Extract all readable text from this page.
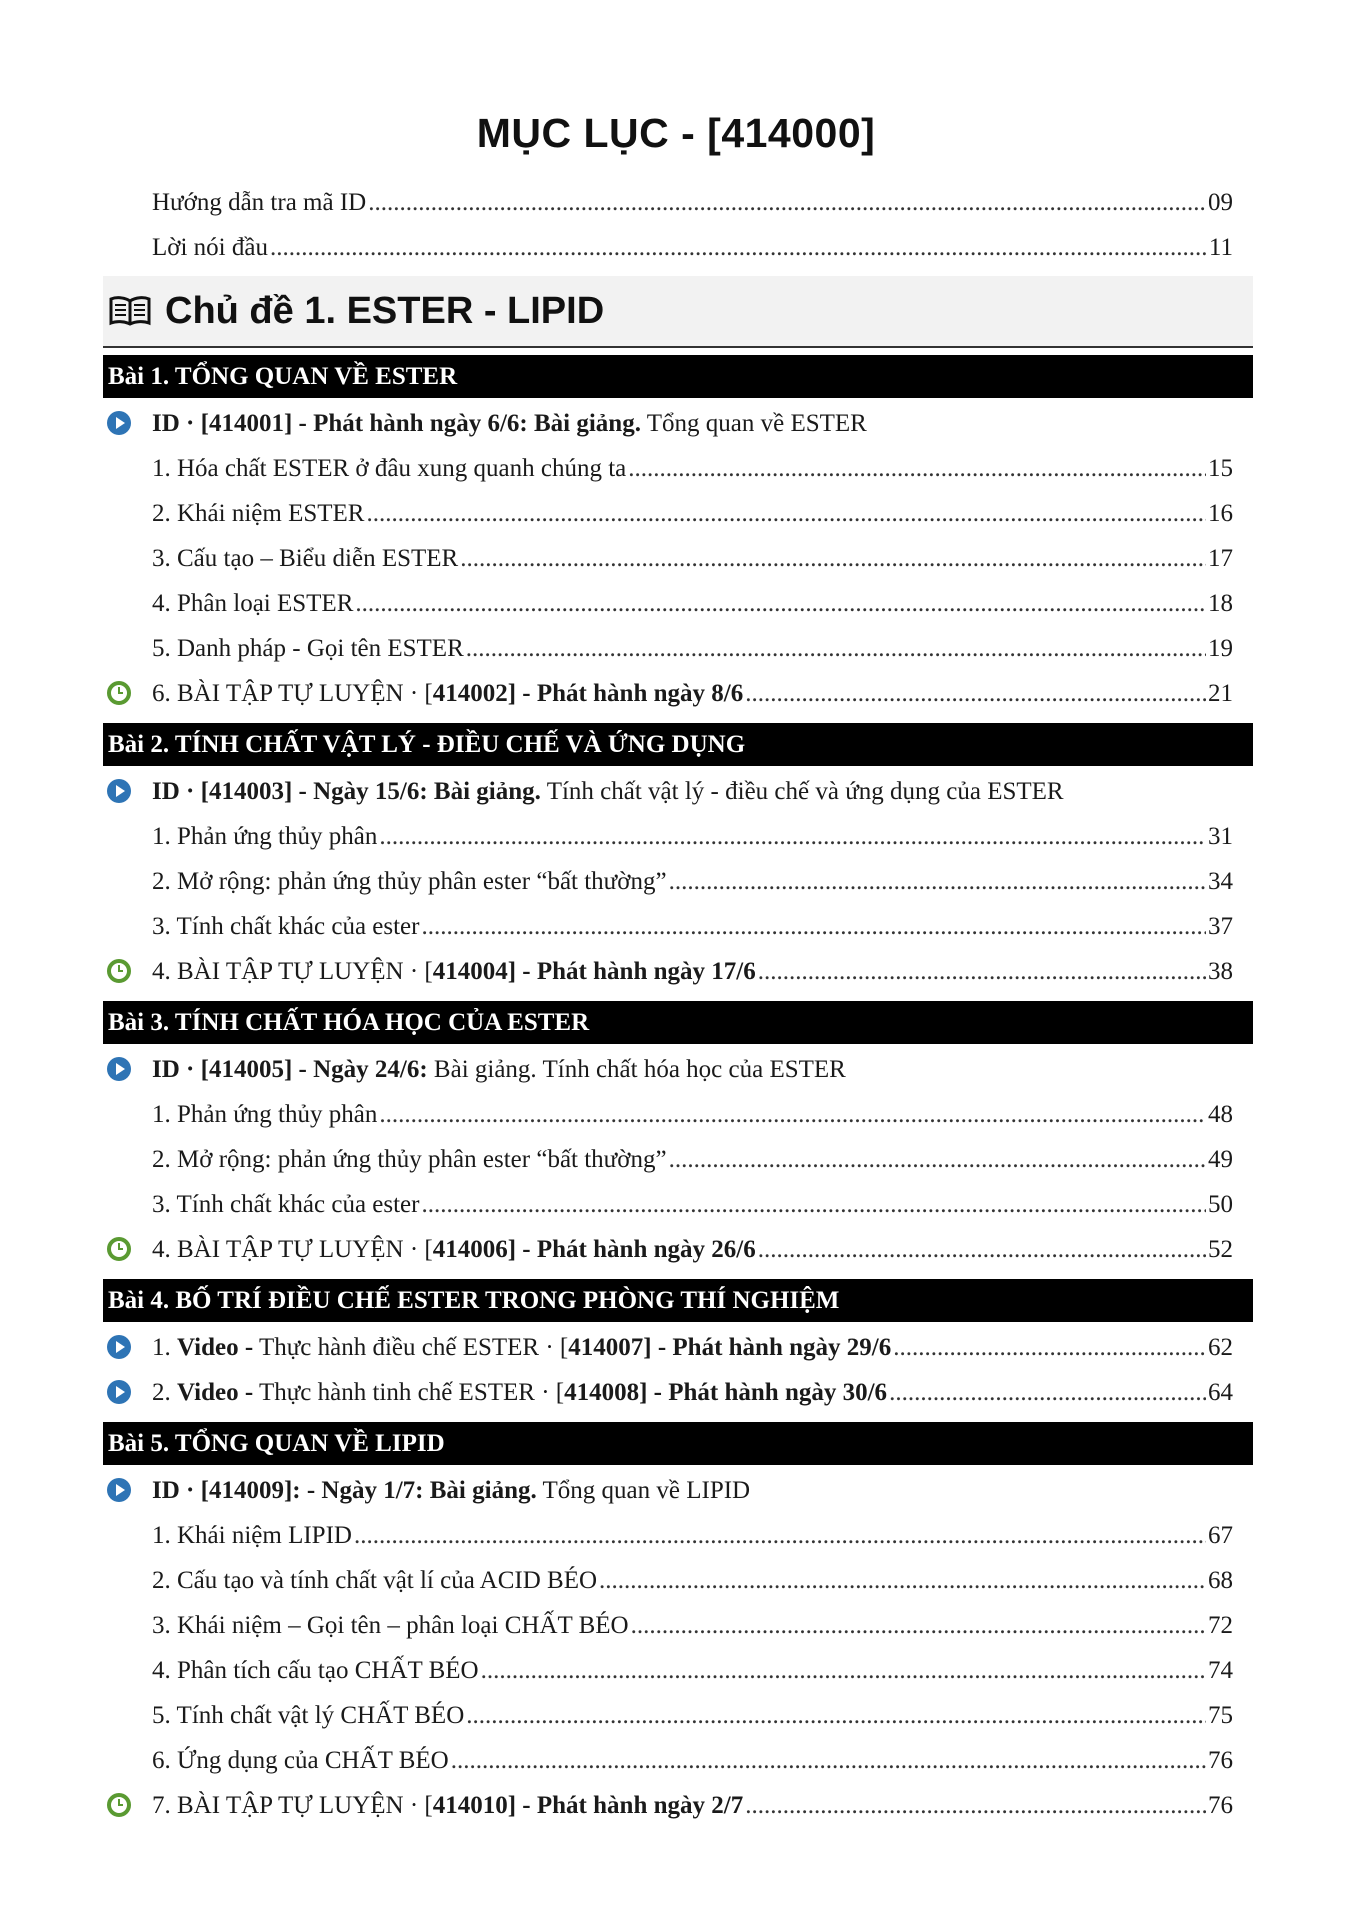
MỤC LỤC - [414000]
Hướng dẫn tra mã ID .....	09
Lời nói đầu .....	11
Chủ đề 1. ESTER - LIPID
Bài 1. TỔNG QUAN VỀ ESTER
ID · [414001] - Phát hành ngày 6/6: Bài giảng. Tổng quan về ESTER
1. Hóa chất ESTER ở đâu xung quanh chúng ta .....	15
2. Khái niệm ESTER .....	16
3. Cấu tạo – Biểu diễn ESTER .....	17
4. Phân loại ESTER .....	18
5. Danh pháp - Gọi tên ESTER .....	19
6. BÀI TẬP TỰ LUYỆN · [414002] - Phát hành ngày 8/6 .....	21
Bài 2. TÍNH CHẤT VẬT LÝ - ĐIỀU CHẾ VÀ ỨNG DỤNG
ID · [414003] - Ngày 15/6: Bài giảng. Tính chất vật lý - điều chế và ứng dụng của ESTER
1. Phản ứng thủy phân .....	31
2. Mở rộng: phản ứng thủy phân ester “bất thường” .....	34
3. Tính chất khác của ester .....	37
4. BÀI TẬP TỰ LUYỆN · [414004] - Phát hành ngày 17/6 .....	38
Bài 3. TÍNH CHẤT HÓA HỌC CỦA ESTER
ID · [414005] - Ngày 24/6: Bài giảng. Tính chất hóa học của ESTER
1. Phản ứng thủy phân .....	48
2. Mở rộng: phản ứng thủy phân ester “bất thường” .....	49
3. Tính chất khác của ester .....	50
4. BÀI TẬP TỰ LUYỆN · [414006] - Phát hành ngày 26/6 .....	52
Bài 4. BỐ TRÍ ĐIỀU CHẾ ESTER TRONG PHÒNG THÍ NGHIỆM
1. Video - Thực hành điều chế ESTER · [414007] - Phát hành ngày 29/6 .....	62
2. Video - Thực hành tinh chế ESTER · [414008] - Phát hành ngày 30/6 .....	64
Bài 5. TỔNG QUAN VỀ LIPID
ID · [414009]: - Ngày 1/7: Bài giảng. Tổng quan về LIPID
1. Khái niệm LIPID .....	67
2. Cấu tạo và tính chất vật lí của ACID BÉO .....	68
3. Khái niệm – Gọi tên – phân loại CHẤT BÉO .....	72
4. Phân tích cấu tạo CHẤT BÉO .....	74
5. Tính chất vật lý CHẤT BÉO .....	75
6. Ứng dụng của CHẤT BÉO .....	76
7. BÀI TẬP TỰ LUYỆN · [414010] - Phát hành ngày 2/7 .....	76
